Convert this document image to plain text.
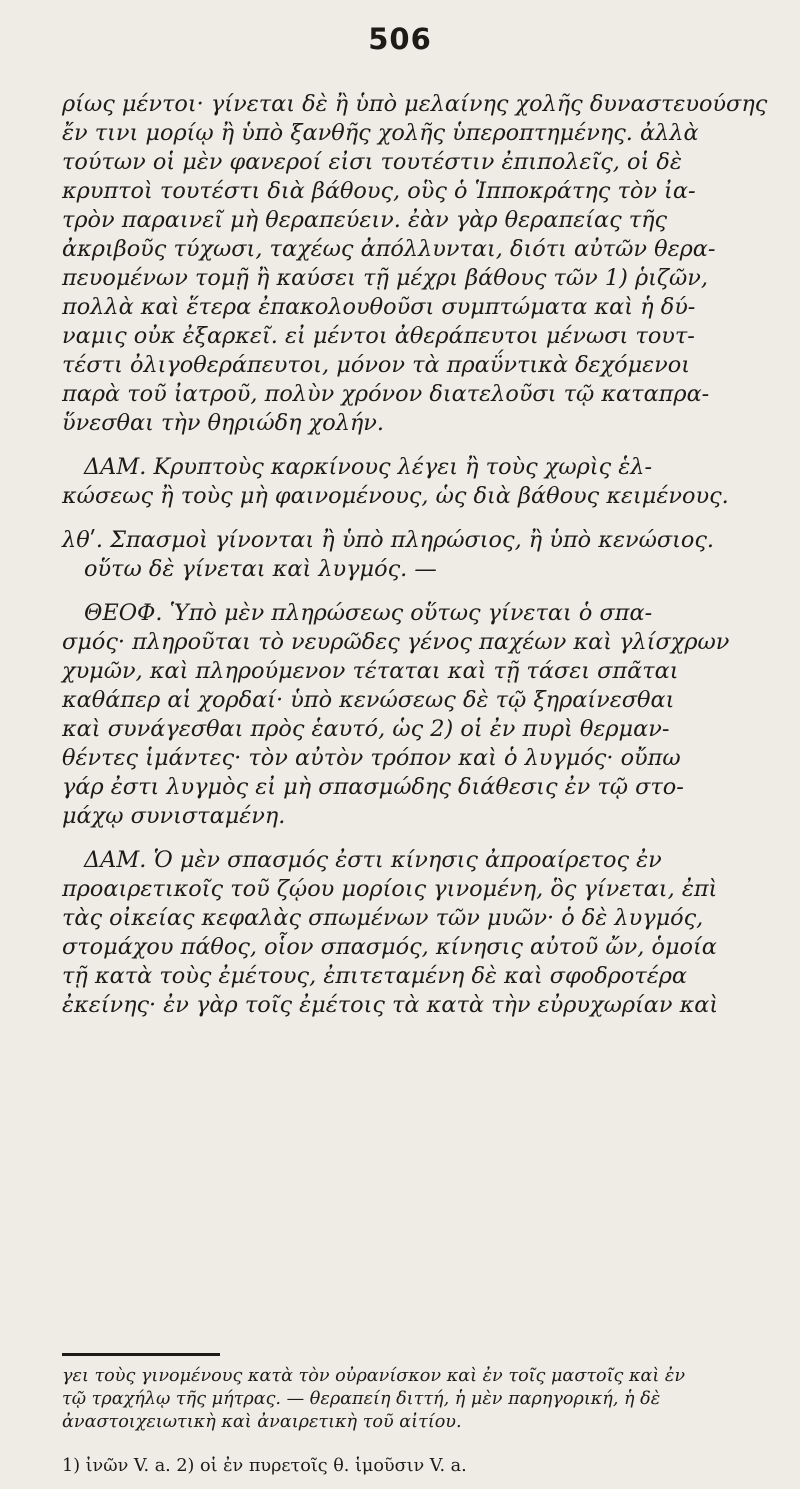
506
ρίως μέντοι· γίνεται δὲ ἢ ὑπὸ μελαίνης χολῆς δυναστευούσης
ἔν τινι μορίῳ ἢ ὑπὸ ξανθῆς χολῆς ὑπεροπτημένης. ἀλλὰ
τούτων οἱ μὲν φανεροί εἰσι τουτέστιν ἐπιπολεῖς, οἱ δὲ
κρυπτοὶ τουτέστι διὰ βάθους, οὓς ὁ Ἱπποκράτης τὸν ἰα-
τρὸν παραινεῖ μὴ θεραπεύειν. ἐὰν γὰρ θεραπείας τῆς
ἀκριβοῦς τύχωσι, ταχέως ἀπόλλυνται, διότι αὐτῶν θερα-
πευομένων τομῇ ἢ καύσει τῇ μέχρι βάθους τῶν 1) ῥιζῶν,
πολλὰ καὶ ἕτερα ἐπακολουθοῦσι συμπτώματα καὶ ἡ δύ-
ναμις οὐκ ἐξαρκεῖ. εἰ μέντοι ἀθεράπευτοι μένωσι τουτ-
τέστι ὀλιγοθεράπευτοι, μόνον τὰ πραΰντικὰ δεχόμενοι
παρὰ τοῦ ἰατροῦ, πολὺν χρόνον διατελοῦσι τῷ καταπρα-
ὕνεσθαι τὴν θηριώδη χολήν.
ΔΑΜ. Κρυπτοὺς καρκίνους λέγει ἢ τοὺς χωρὶς ἑλ-
κώσεως ἢ τοὺς μὴ φαινομένους, ὡς διὰ βάθους κειμένους.
λθʹ. Σπασμοὶ γίνονται ἢ ὑπὸ πληρώσιος, ἢ ὑπὸ κενώσιος.
οὕτω δὲ γίνεται καὶ λυγμός. —
ΘΕΟΦ. Ὑπὸ μὲν πληρώσεως οὕτως γίνεται ὁ σπα-
σμός· πληροῦται τὸ νευρῶδες γένος παχέων καὶ γλίσχρων
χυμῶν, καὶ πληρούμενον τέταται καὶ τῇ τάσει σπᾶται
καθάπερ αἱ χορδαί· ὑπὸ κενώσεως δὲ τῷ ξηραίνεσθαι
καὶ συνάγεσθαι πρὸς ἑαυτό, ὡς 2) οἱ ἐν πυρὶ θερμαν-
θέντες ἱμάντες· τὸν αὐτὸν τρόπον καὶ ὁ λυγμός· οὔπω
γάρ ἐστι λυγμὸς εἰ μὴ σπασμώδης διάθεσις ἐν τῷ στο-
μάχῳ συνισταμένη.
ΔΑΜ. Ὁ μὲν σπασμός ἐστι κίνησις ἀπροαίρετος ἐν
προαιρετικοῖς τοῦ ζῴου μορίοις γινομένη, ὃς γίνεται, ἐπὶ
τὰς οἰκείας κεφαλὰς σπωμένων τῶν μυῶν· ὁ δὲ λυγμός,
στομάχου πάθος, οἷον σπασμός, κίνησις αὐτοῦ ὤν, ὁμοία
τῇ κατὰ τοὺς ἐμέτους, ἐπιτεταμένη δὲ καὶ σφοδροτέρα
ἐκείνης· ἐν γὰρ τοῖς ἐμέτοις τὰ κατὰ τὴν εὐρυχωρίαν καὶ
γει τοὺς γινομένους κατὰ τὸν οὐρανίσκον καὶ ἐν τοῖς μαστοῖς καὶ ἐν
τῷ τραχήλῳ τῆς μήτρας. — θεραπείη διττή, ἡ μὲν παρηγορική, ἡ δὲ
ἀναστοιχειωτικὴ καὶ ἀναιρετικὴ τοῦ αἰτίου.
1) ἰνῶν V. a. 2) οἱ ἐν πυρετοῖς θ. ἱμοῦσιν V. a.
